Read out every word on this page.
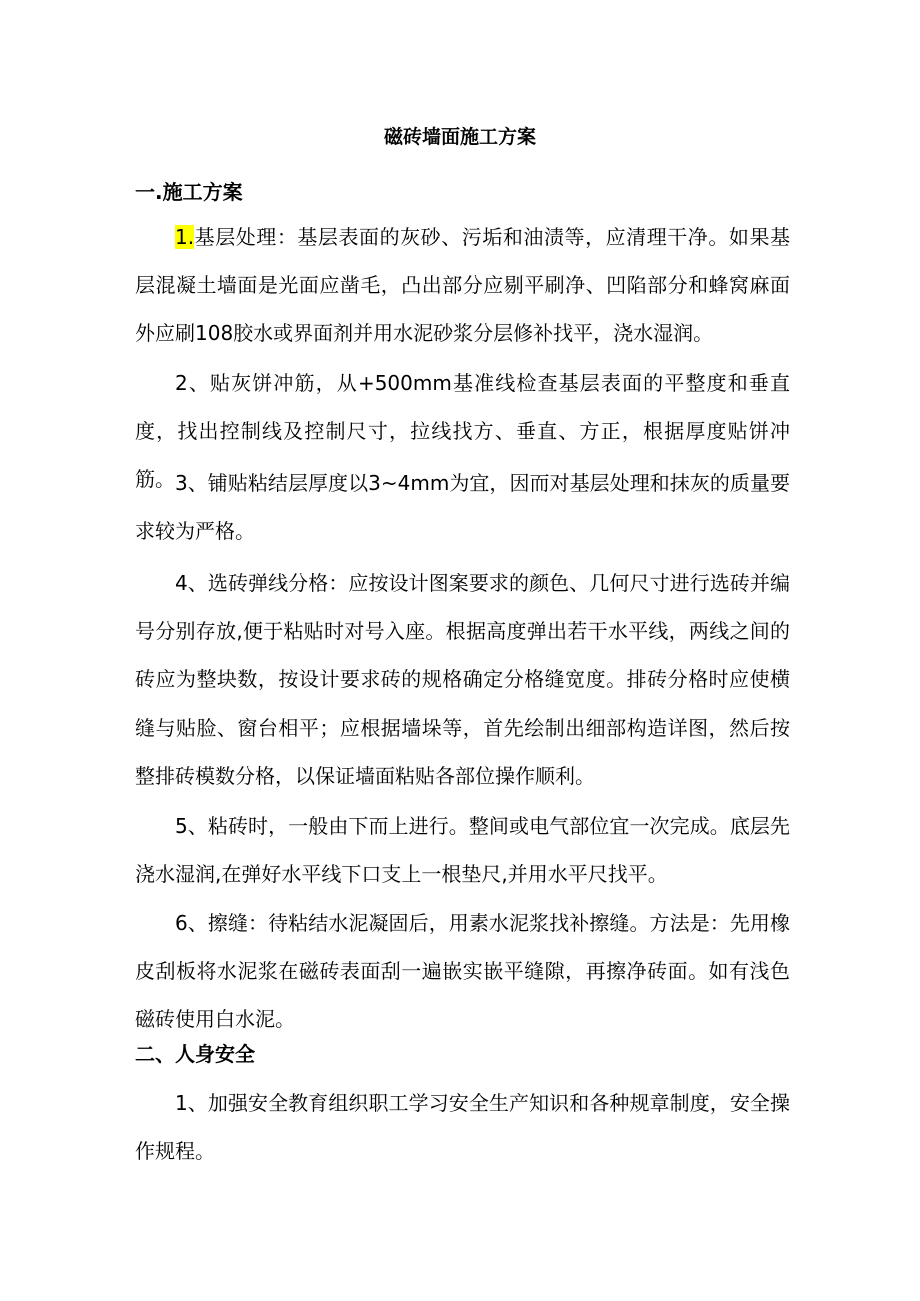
磁砖墙面施工方案
一.施工方案
1.基层处理：基层表面的灰砂、污垢和油渍等，应清理干净。如果基层混凝土墙面是光面应凿毛，凸出部分应剔平刷净、凹陷部分和蜂窝麻面外应刷108胶水或界面剂并用水泥砂浆分层修补找平，浇水湿润。
2、贴灰饼冲筋，从+500mm基准线检查基层表面的平整度和垂直度，找出控制线及控制尺寸，拉线找方、垂直、方正，根据厚度贴饼冲筋。 3、铺贴粘结层厚度以3~4mm为宜，因而对基层处理和抹灰的质量要求较为严格。
4、选砖弹线分格：应按设计图案要求的颜色、几何尺寸进行选砖并编号分别存放,便于粘贴时对号入座。根据高度弹出若干水平线，两线之间的砖应为整块数，按设计要求砖的规格确定分格缝宽度。排砖分格时应使横缝与贴脸、窗台相平；应根据墙垛等，首先绘制出细部构造详图，然后按整排砖模数分格，以保证墙面粘贴各部位操作顺利。
5、粘砖时，一般由下而上进行。整间或电气部位宜一次完成。底层先浇水湿润,在弹好水平线下口支上一根垫尺,并用水平尺找平。
6、擦缝：待粘结水泥凝固后，用素水泥浆找补擦缝。方法是：先用橡皮刮板将水泥浆在磁砖表面刮一遍嵌实嵌平缝隙，再擦净砖面。如有浅色磁砖使用白水泥。
二、人身安全
1、加强安全教育组织职工学习安全生产知识和各种规章制度，安全操作规程。
